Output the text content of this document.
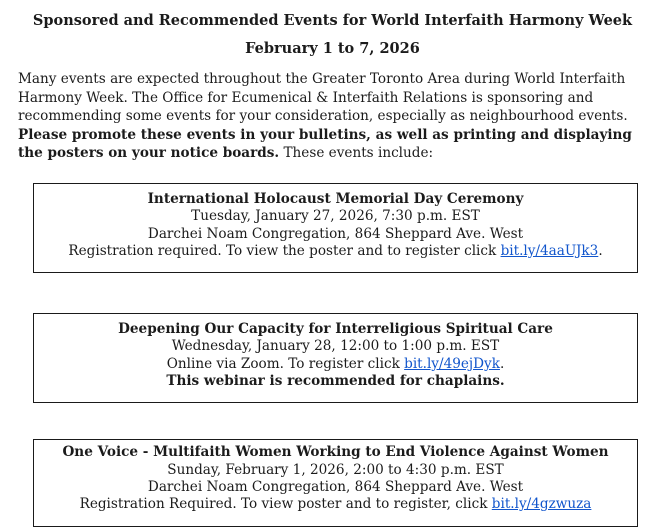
Sponsored and Recommended Events for World Interfaith Harmony Week
February 1 to 7, 2026

Many events are expected throughout the Greater Toronto Area during World Interfaith Harmony Week. The Office for Ecumenical & Interfaith Relations is sponsoring and recommending some events for your consideration, especially as neighbourhood events. Please promote these events in your bulletins, as well as printing and displaying the posters on your notice boards. These events include:

International Holocaust Memorial Day Ceremony
Tuesday, January 27, 2026, 7:30 p.m. EST
Darchei Noam Congregation, 864 Sheppard Ave. West
Registration required. To view the poster and to register click bit.ly/4aaUJk3.
Deepening Our Capacity for Interreligious Spiritual Care
Wednesday, January 28, 12:00 to 1:00 p.m. EST
Online via Zoom. To register click bit.ly/49ejDyk.
This webinar is recommended for chaplains.
One Voice - Multifaith Women Working to End Violence Against Women
Sunday, February 1, 2026, 2:00 to 4:30 p.m. EST
Darchei Noam Congregation, 864 Sheppard Ave. West
Registration Required. To view poster and to register, click bit.ly/4gzwuza
